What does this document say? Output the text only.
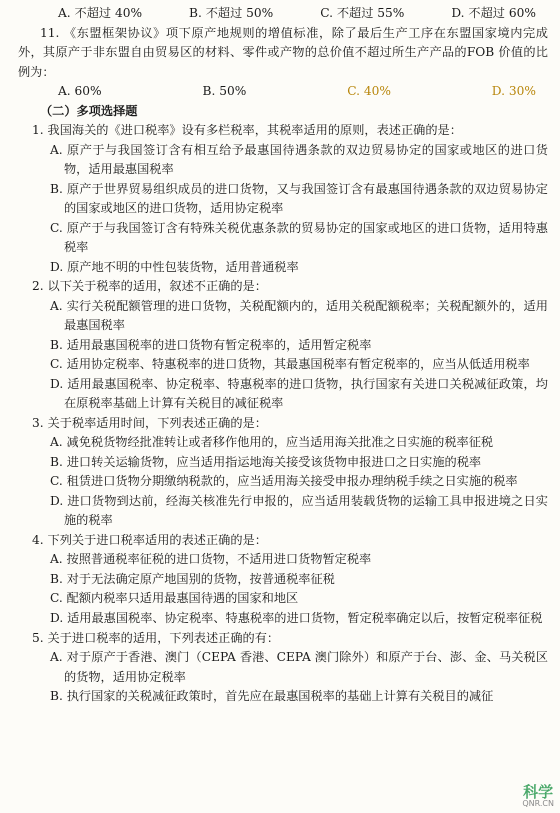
A. 不超过 40%	B. 不超过 50%	C. 不超过 55%	D. 不超过 60%
11. 《东盟框架协议》项下原产地规则的增值标准，除了最后生产工序在东盟国家境内完成外，其原产于非东盟自由贸易区的材料、零件或产物的总价值不超过所生产产品的FOB 价值的比例为：
A. 60%	B. 50%	C. 40%	D. 30%
（二）多项选择题
1. 我国海关的《进口税率》设有多栏税率，其税率适用的原则，表述正确的是：
A. 原产于与我国签订含有相互给予最惠国待遇条款的双边贸易协定的国家或地区的进口货物，适用最惠国税率
B. 原产于世界贸易组织成员的进口货物，又与我国签订含有最惠国待遇条款的双边贸易协定的国家或地区的进口货物，适用协定税率
C. 原产于与我国签订含有特殊关税优惠条款的贸易协定的国家或地区的进口货物，适用特惠税率
D. 原产地不明的中性包装货物，适用普通税率
2. 以下关于税率的适用，叙述不正确的是：
A. 实行关税配额管理的进口货物，关税配额内的，适用关税配额税率；关税配额外的，适用最惠国税率
B. 适用最惠国税率的进口货物有暂定税率的，适用暂定税率
C. 适用协定税率、特惠税率的进口货物，其最惠国税率有暂定税率的，应当从低适用税率
D. 适用最惠国税率、协定税率、特惠税率的进口货物，执行国家有关进口关税减征政策，均在原税率基础上计算有关税目的减征税率
3. 关于税率适用时间，下列表述正确的是：
A. 减免税货物经批准转让或者移作他用的，应当适用海关批准之日实施的税率征税
B. 进口转关运输货物，应当适用指运地海关接受该货物申报进口之日实施的税率
C. 租赁进口货物分期缴纳税款的，应当适用海关接受申报办理纳税手续之日实施的税率
D. 进口货物到达前，经海关核准先行申报的，应当适用装载货物的运输工具申报进境之日实施的税率
4. 下列关于进口税率适用的表述正确的是：
A. 按照普通税率征税的进口货物，不适用进口货物暂定税率
B. 对于无法确定原产地国别的货物，按普通税率征税
C. 配额内税率只适用最惠国待遇的国家和地区
D. 适用最惠国税率、协定税率、特惠税率的进口货物，暂定税率确定以后，按暂定税率征税
5. 关于进口税率的适用，下列表述正确的有：
A. 对于原产于香港、澳门（CEPA 香港、CEPA 澳门除外）和原产于台、澎、金、马关税区的货物，适用协定税率
B. 执行国家的关税减征政策时，首先应在最惠国税率的基础上计算有关税目的减征
科学
QNR.CN
